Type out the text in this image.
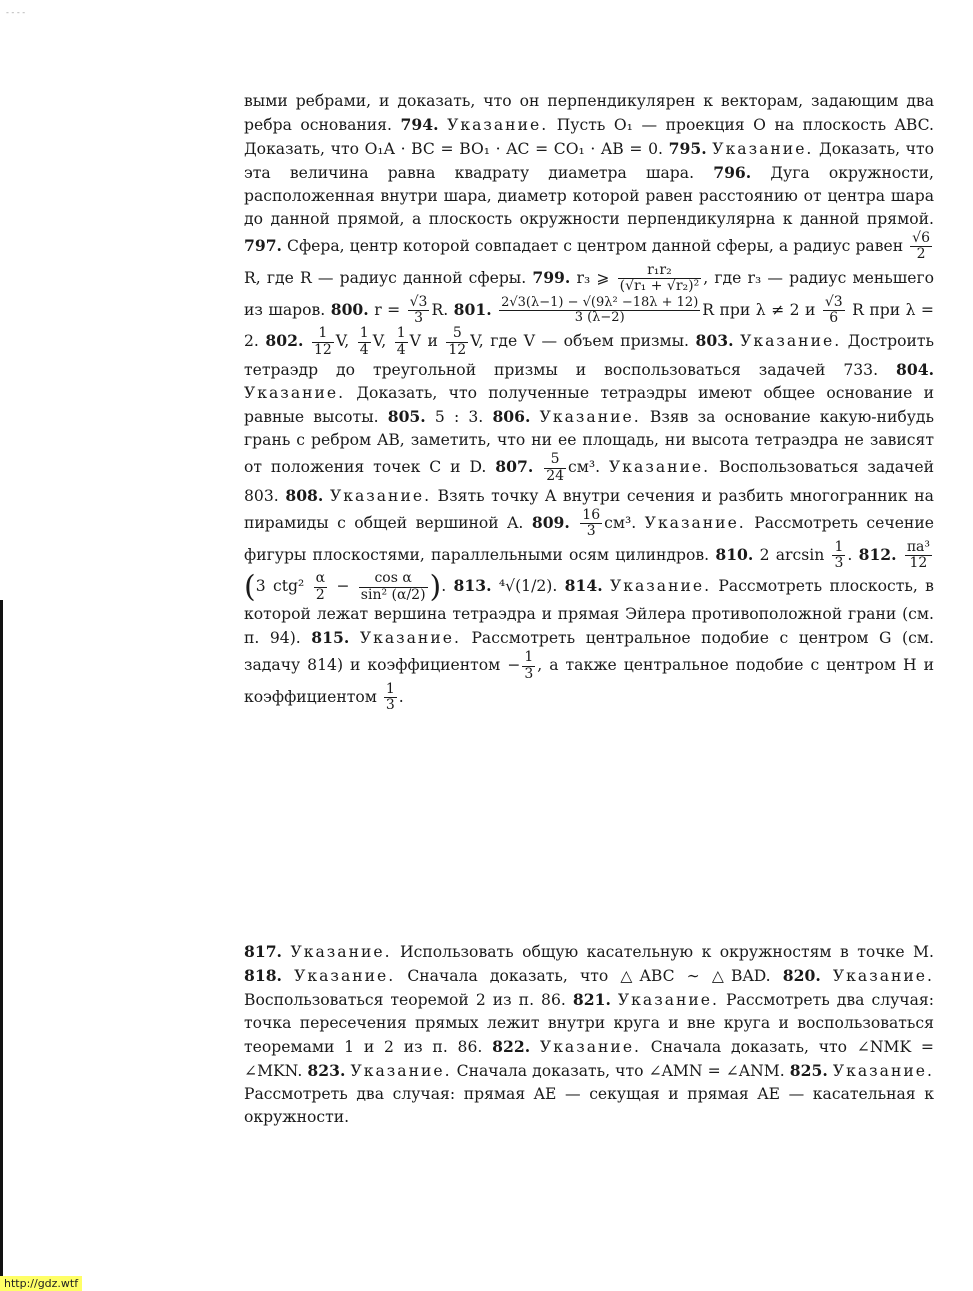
- - - -

выми ребрами, и доказать, что он перпендикулярен к векторам, задающим два ребра основания. 794. Указание. Пусть O₁ — проекция O на плоскость ABC. Доказать, что O₁A · BC = BO₁ · AC = CO₁ · AB = 0. 795. Указание. Доказать, что эта величина равна квадрату диаметра шара. 796. Дуга окружности, расположенная внутри шара, диаметр которой равен расстоянию от центра шара до данной прямой, а плоскость окружности перпендикулярна к данной прямой. 797. Сфера, центр которой совпадает с центром данной сферы, а радиус равен $\frac{√6}{2}$
R, где R — радиус данной сферы. 799. r₃ ⩾ $\frac{\text{r₁r₂}}{\text{(√r₁ + √r₂)²}}$ , где r₃ — радиус меньшего из шаров. 800. $r = \frac{√3}{3} R$. 801. $\frac{\text{2√3(λ−1) − √(9λ² −18λ + 12)}}{3 (\lambda-2)}$ R при λ ≠ 2 и $\frac{√3}{6}$ R при λ = 2. 802. $\frac{1}{12} V$, $\frac{1}{4} V$, $\frac{1}{4}$ V и $\frac{5}{12} V$, где V — объем призмы. 803. Указание. Достроить тетраэдр до треугольной призмы и воспользоваться задачей 733. 804. Указание. Доказать, что полученные тетраэдры имеют общее основание и равные высоты. 805. 5 : 3. 806. Указание. Взяв за основание какую-нибудь грань с ребром AB, заметить, что ни ее площадь, ни высота тетраэдра не зависят от положения точек C и D. 807. $\frac{5}{24} см^3$. Указание. Воспользоваться задачей 803. 808. Указание. Взять точку A внутри сечения и разбить многогранник на пирамиды с общей вершиной A. 809. $\frac{16}{3} см^3$. Указание. Рассмотреть сечение фигуры плоскостями, параллельными осям цилиндров. 810. 2 $\arcsin \frac{1}{3}$ . 812. $\frac{\text{πa³}}{12}$
(3 $ctg^2 \frac{\alpha}{2} - \frac{\text{cos α}}{\text{sin² (α/2)}}$ ). 813. ⁴√(1/2). 814. Указание. Рассмотреть плоскость, в которой лежат вершина тетраэдра и прямая Эйлера противоположной грани (см. п. 94). 815. Указание. Рассмотреть центральное подобие с центром G (см. задачу 814) и коэффициентом − $\frac{1}{3}$ , а также центральное подобие с центром H и коэффициентом $\frac{1}{3}$ .

817. Указание. Использовать общую касательную к окружностям в точке M. 818. Указание. Сначала доказать, что △ABC ∼ △BAD. 820. Указание. Воспользоваться теоремой 2 из п. 86. 821. Указание. Рассмотреть два случая: точка пересечения прямых лежит внутри круга и вне круга и воспользоваться теоремами 1 и 2 из п. 86. 822. Указание. Сначала доказать, что ∠NMK = ∠MKN. 823. Указание. Сначала доказать, что ∠AMN = ∠ANM. 825. Указание. Рассмотреть два случая: прямая AE — секущая и прямая AE — касательная к окружности.

http://gdz.wtf
